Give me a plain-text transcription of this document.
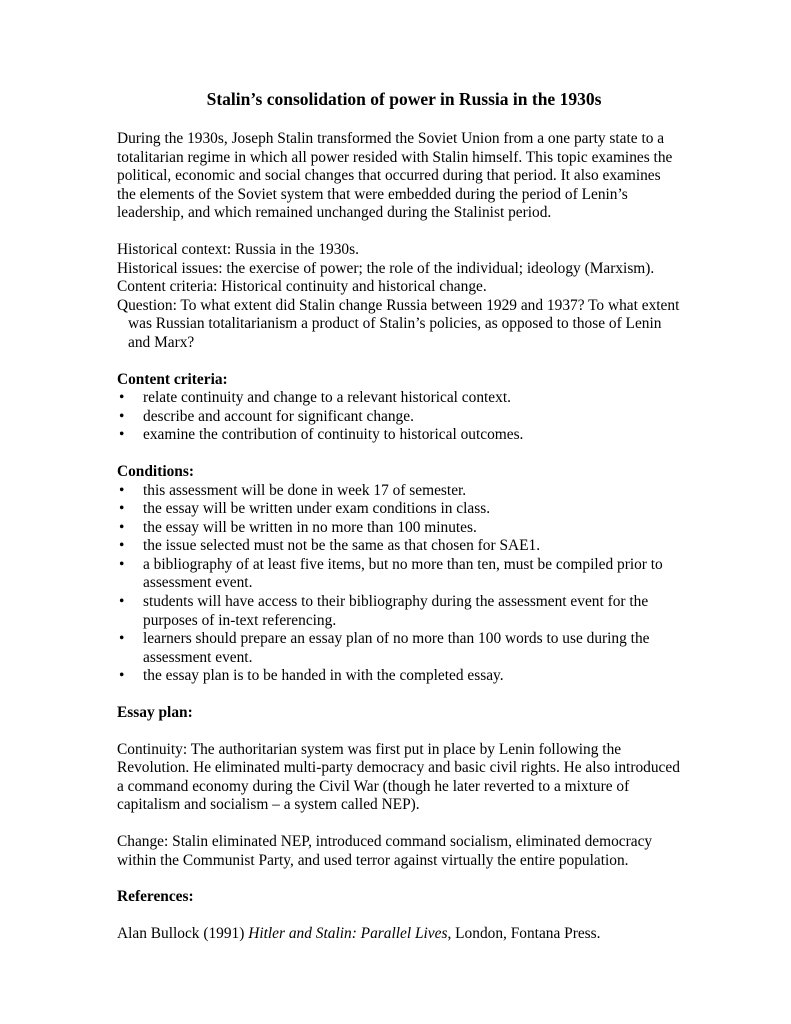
Stalin’s consolidation of power in Russia in the 1930s

During the 1930s, Joseph Stalin transformed the Soviet Union from a one party state to a totalitarian regime in which all power resided with Stalin himself. This topic examines the political, economic and social changes that occurred during that period. It also examines the elements of the Soviet system that were embedded during the period of Lenin’s leadership, and which remained unchanged during the Stalinist period.

Historical context: Russia in the 1930s.

Historical issues: the exercise of power; the role of the individual; ideology (Marxism).

Content criteria: Historical continuity and historical change.

Question: To what extent did Stalin change Russia between 1929 and 1937? To what extent was Russian totalitarianism a product of Stalin’s policies, as opposed to those of Lenin and Marx?

Content criteria:

• relate continuity and change to a relevant historical context.
• describe and account for significant change.
• examine the contribution of continuity to historical outcomes.

Conditions:

• this assessment will be done in week 17 of semester.
• the essay will be written under exam conditions in class.
• the essay will be written in no more than 100 minutes.
• the issue selected must not be the same as that chosen for SAE1.
• a bibliography of at least five items, but no more than ten, must be compiled prior to assessment event.
• students will have access to their bibliography during the assessment event for the purposes of in-text referencing.
• learners should prepare an essay plan of no more than 100 words to use during the assessment event.
• the essay plan is to be handed in with the completed essay.

Essay plan:

Continuity: The authoritarian system was first put in place by Lenin following the Revolution. He eliminated multi-party democracy and basic civil rights. He also introduced a command economy during the Civil War (though he later reverted to a mixture of capitalism and socialism – a system called NEP).

Change: Stalin eliminated NEP, introduced command socialism, eliminated democracy within the Communist Party, and used terror against virtually the entire population.

References:

Alan Bullock (1991) Hitler and Stalin: Parallel Lives, London, Fontana Press.
